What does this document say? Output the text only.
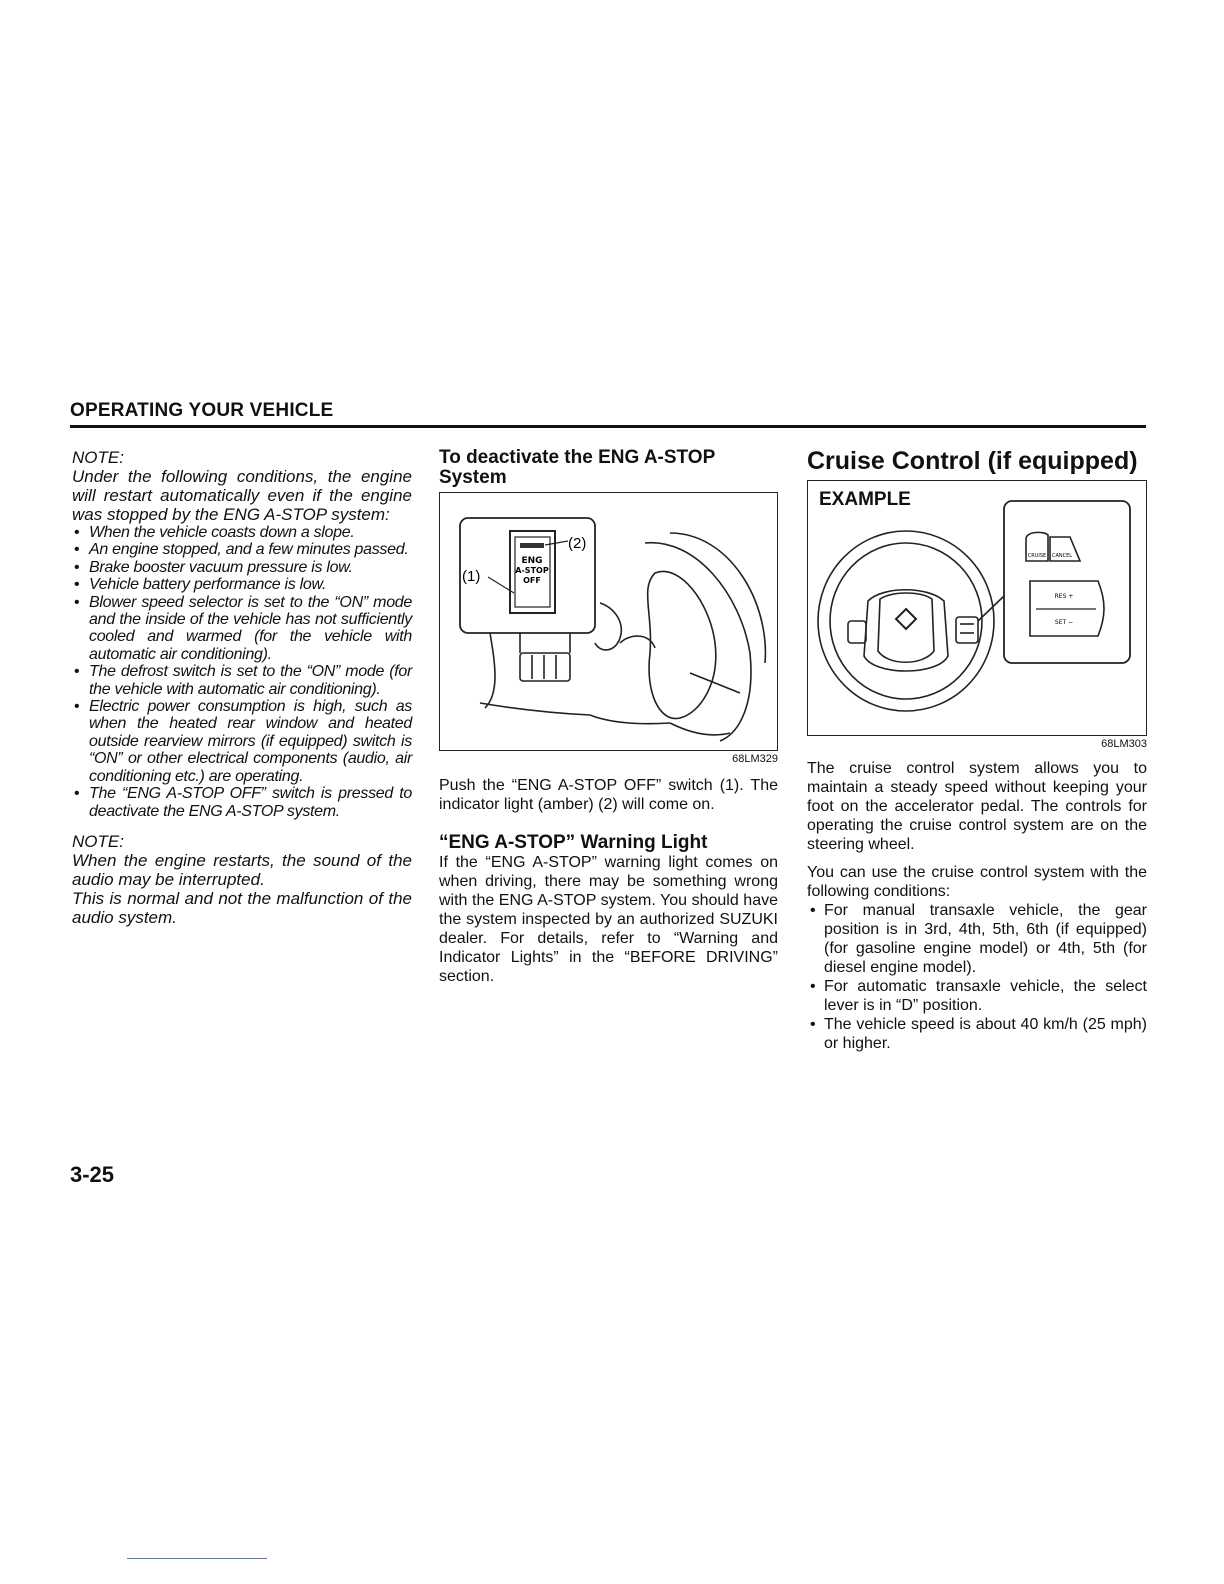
OPERATING YOUR VEHICLE
NOTE:
Under the following conditions, the engine will restart automatically even if the engine was stopped by the ENG A-STOP system:
• When the vehicle coasts down a slope.
• An engine stopped, and a few minutes passed.
• Brake booster vacuum pressure is low.
• Vehicle battery performance is low.
• Blower speed selector is set to the “ON” mode and the inside of the vehicle has not sufficiently cooled and warmed (for the vehicle with automatic air conditioning).
• The defrost switch is set to the “ON” mode (for the vehicle with automatic air conditioning).
• Electric power consumption is high, such as when the heated rear window and heated outside rearview mirrors (if equipped) switch is “ON” or other electrical components (audio, air conditioning etc.) are operating.
• The “ENG A-STOP OFF” switch is pressed to deactivate the ENG A-STOP system.
NOTE:
When the engine restarts, the sound of the audio may be interrupted.
This is normal and not the malfunction of the audio system.
To deactivate the ENG A-STOP System
ENG
A-STOP
OFF
(2)
(1)
68LM329

Push the “ENG A-STOP OFF” switch (1). The indicator light (amber) (2) will come on.

“ENG A-STOP” Warning Light

If the “ENG A-STOP” warning light comes on when driving, there may be something wrong with the ENG A-STOP system. You should have the system inspected by an authorized SUZUKI dealer. For details, refer to “Warning and Indicator Lights” in the “BEFORE DRIVING” section.

Cruise Control (if equipped)
EXAMPLE
CRUISE CANCEL
RES +
SET −
68LM303

The cruise control system allows you to maintain a steady speed without keeping your foot on the accelerator pedal. The controls for operating the cruise control system are on the steering wheel.

You can use the cruise control system with the following conditions:

• For manual transaxle vehicle, the gear position is in 3rd, 4th, 5th, 6th (if equipped) (for gasoline engine model) or 4th, 5th (for diesel engine model).
• For automatic transaxle vehicle, the select lever is in “D” position.
• The vehicle speed is about 40 km/h (25 mph) or higher.
3-25
